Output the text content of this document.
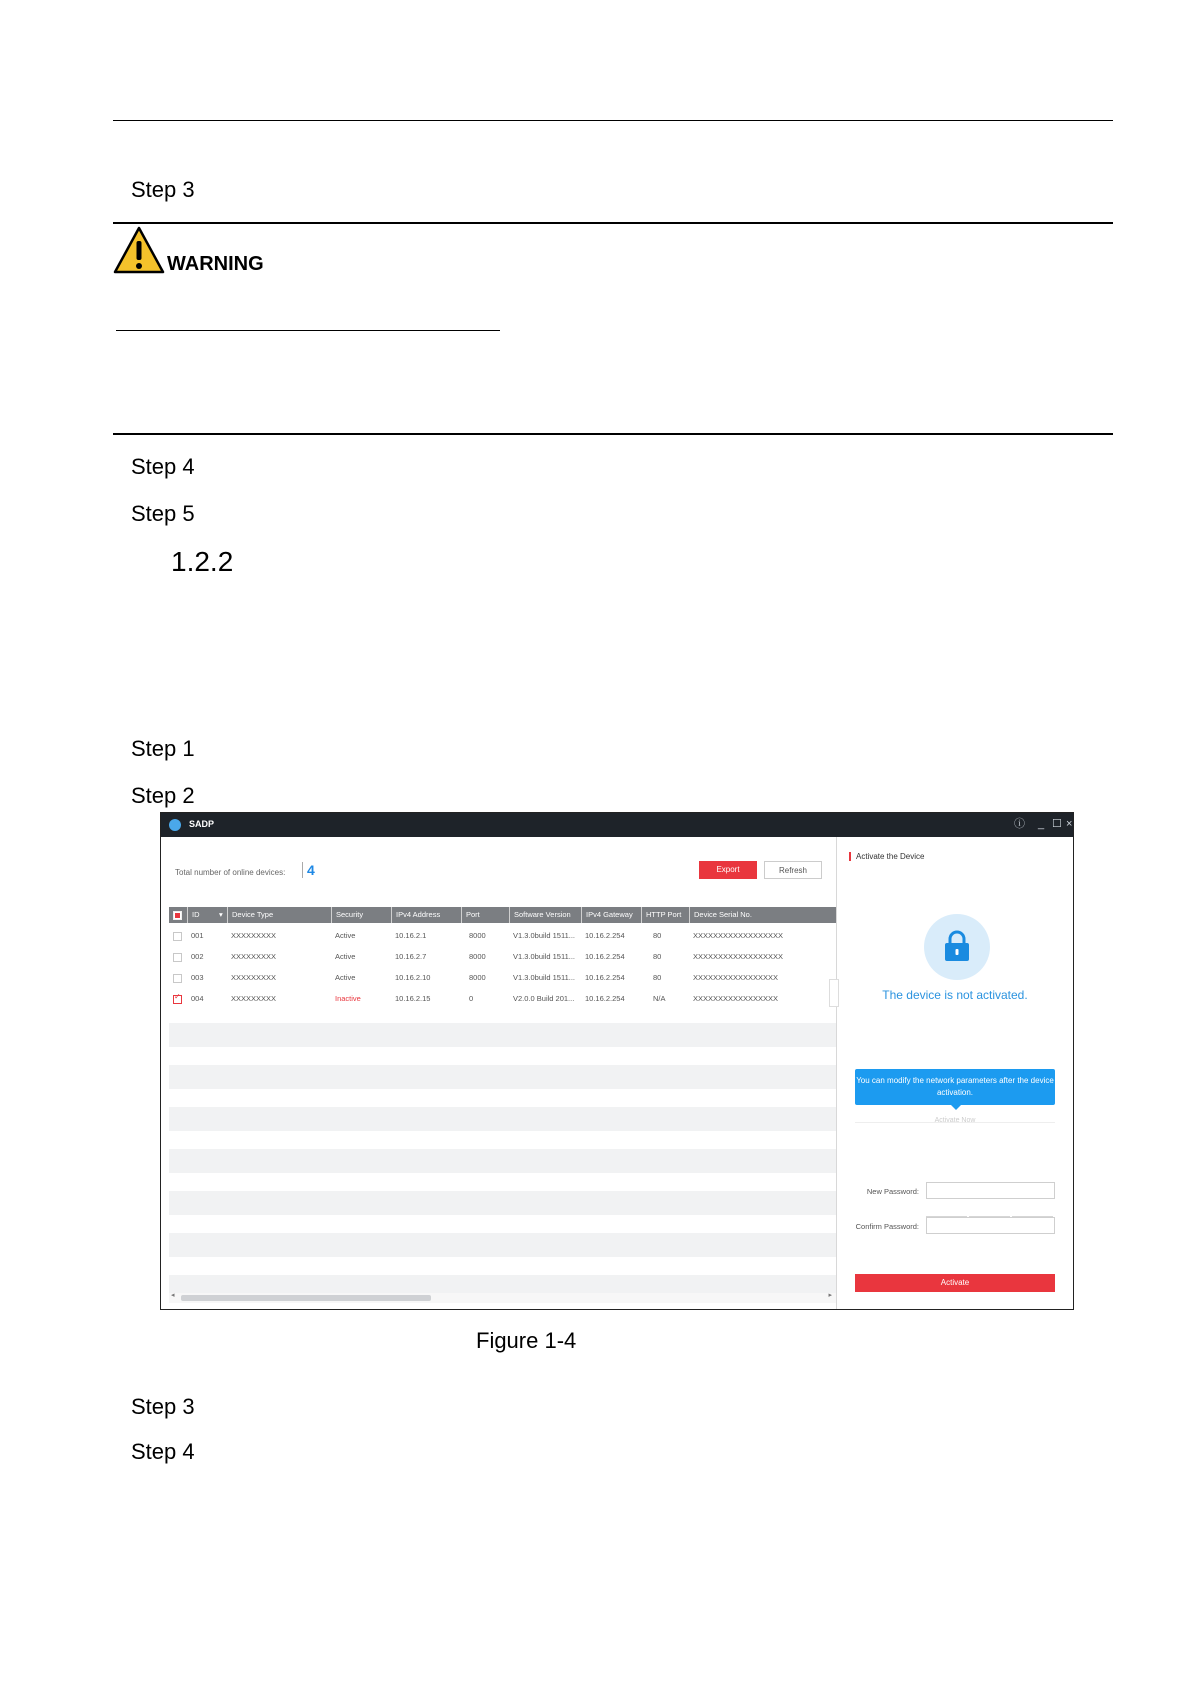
Step 3
WARNING
Step 4
Step 5
1.2.2
Step 1
Step 2
SADP	ⓘ _ ☐ ×
Total number of online devices:	4	Export	Refresh
ID	▾	Device Type	Security	IPv4 Address	Port	Software Version	IPv4 Gateway	HTTP Port	Device Serial No.
001	XXXXXXXXX	Active	10.16.2.1	8000	V1.3.0build 1511... 10.16.2.254	80	XXXXXXXXXXXXXXXXXX
002	XXXXXXXXX	Active	10.16.2.7	8000	V1.3.0build 1511... 10.16.2.254	80	XXXXXXXXXXXXXXXXXX
003	XXXXXXXXX	Active	10.16.2.10	8000	V1.3.0build 1511... 10.16.2.254	80	XXXXXXXXXXXXXXXXX
✓
004	XXXXXXXXX	Inactive	10.16.2.15	0	V2.0.0 Build 201... 10.16.2.254	N/A	XXXXXXXXXXXXXXXXX
◂	▸
Activate the Device
The device is not activated.
You can modify the network parameters after the device activation.
Activate Now
New Password:
Confirm Password:
Activate
Figure 1-4
Step 3
Step 4
